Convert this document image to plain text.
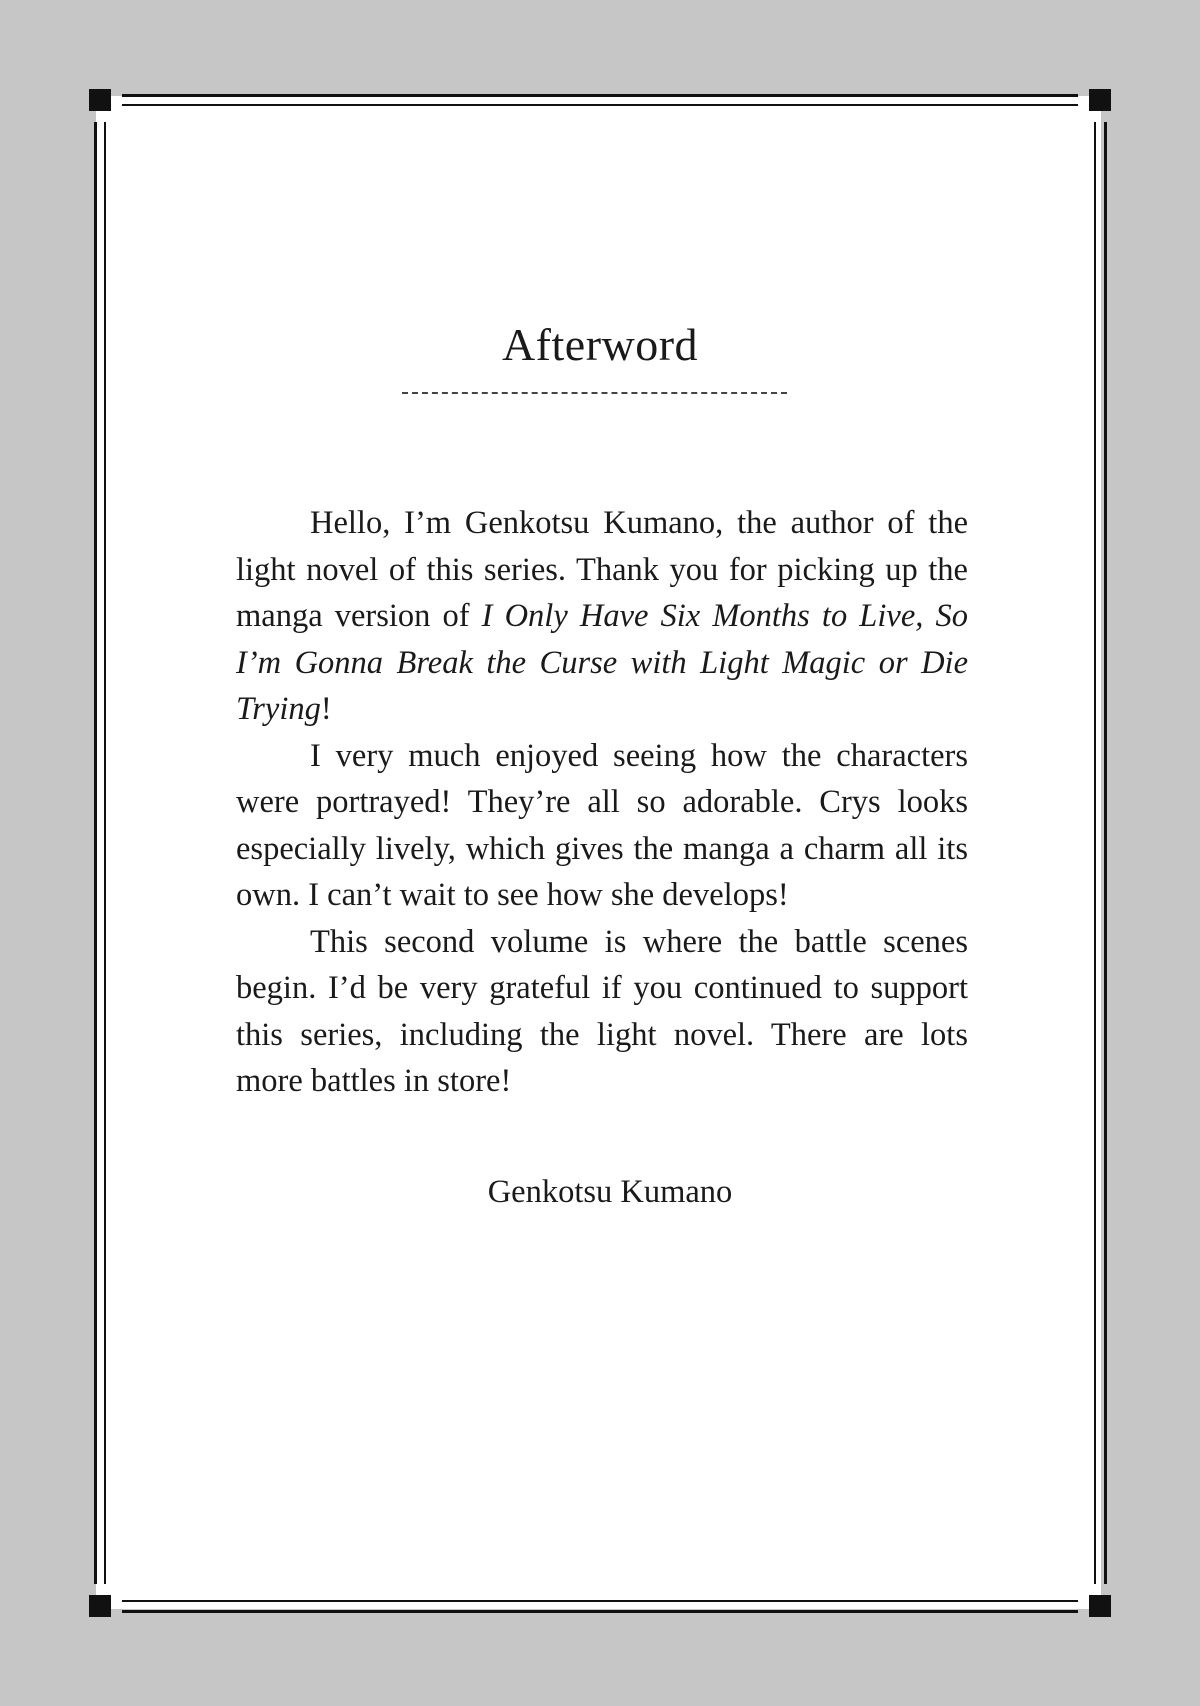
Afterword

Hello, I’m Genkotsu Kumano, the author of the light novel of this series. Thank you for picking up the manga version of I Only Have Six Months to Live, So I’m Gonna Break the Curse with Light Magic or Die Trying!

I very much enjoyed seeing how the characters were portrayed! They’re all so adorable. Crys looks especially lively, which gives the manga a charm all its own. I can’t wait to see how she develops!

This second volume is where the battle scenes begin. I’d be very grateful if you continued to support this series, including the light novel. There are lots more battles in store!

Genkotsu Kumano
